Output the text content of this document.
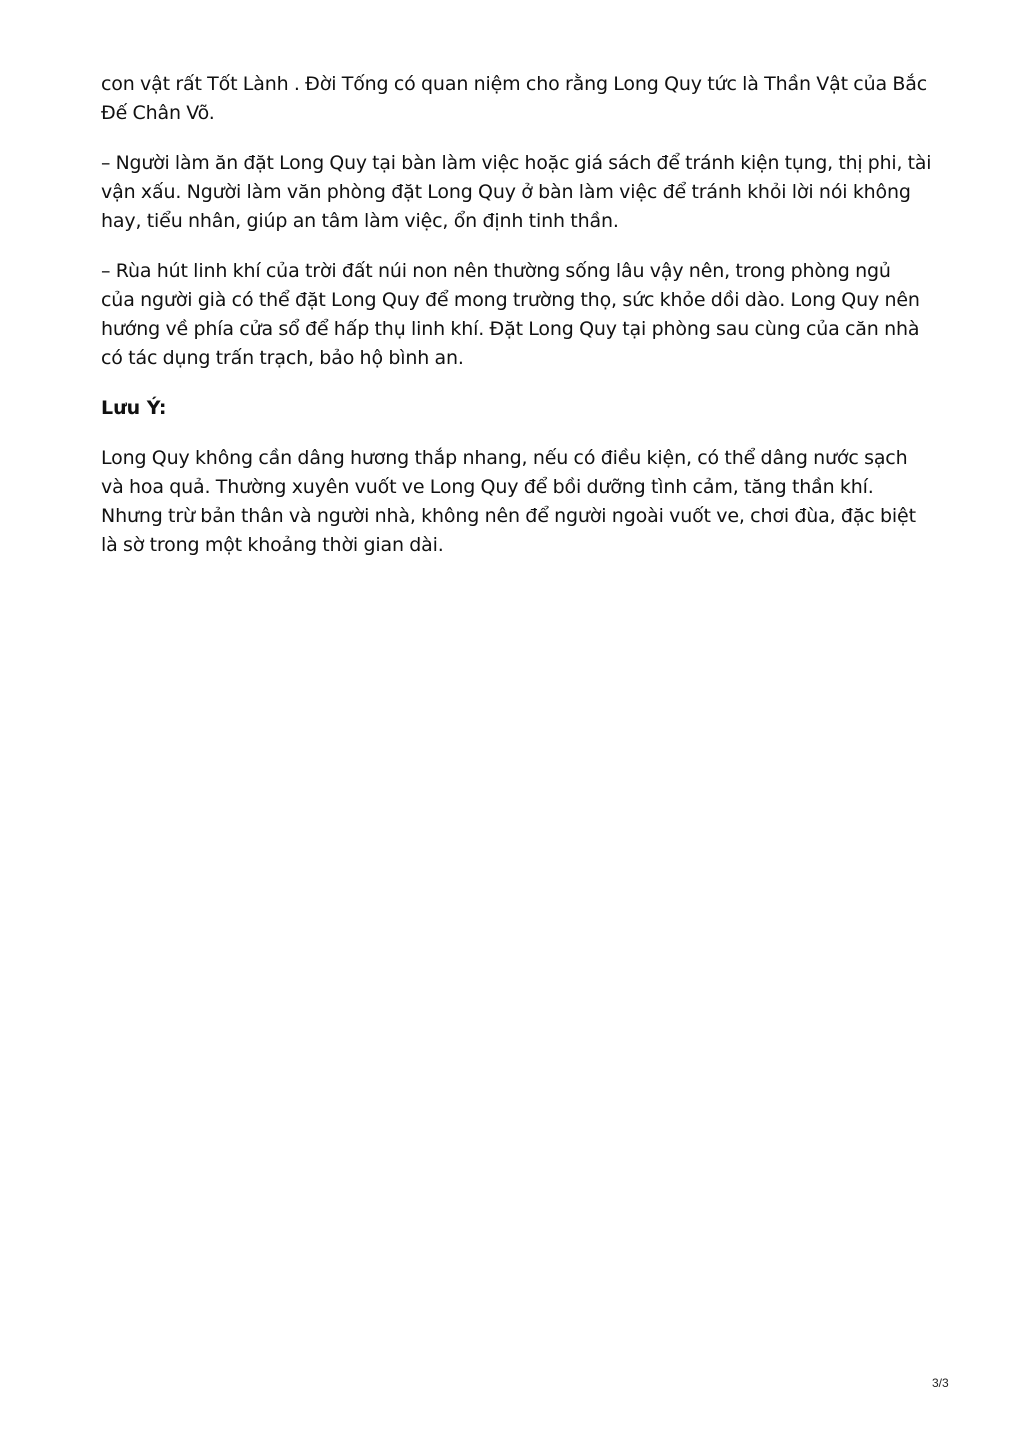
con vật rất Tốt Lành . Đời Tống có quan niệm cho rằng Long Quy tức là Thần Vật của Bắc
Đế Chân Võ.

– Người làm ăn đặt Long Quy tại bàn làm việc hoặc giá sách để tránh kiện tụng, thị phi, tài
vận xấu. Người làm văn phòng đặt Long Quy ở bàn làm việc để tránh khỏi lời nói không
hay, tiểu nhân, giúp an tâm làm việc, ổn định tinh thần.

– Rùa hút linh khí của trời đất núi non nên thường sống lâu vậy nên, trong phòng ngủ
của người già có thể đặt Long Quy để mong trường thọ, sức khỏe dồi dào. Long Quy nên
hướng về phía cửa sổ để hấp thụ linh khí. Đặt Long Quy tại phòng sau cùng của căn nhà
có tác dụng trấn trạch, bảo hộ bình an.

Lưu Ý:

Long Quy không cần dâng hương thắp nhang, nếu có điều kiện, có thể dâng nước sạch
và hoa quả. Thường xuyên vuốt ve Long Quy để bồi dưỡng tình cảm, tăng thần khí.
Nhưng trừ bản thân và người nhà, không nên để người ngoài vuốt ve, chơi đùa, đặc biệt
là sờ trong một khoảng thời gian dài.

3/3
